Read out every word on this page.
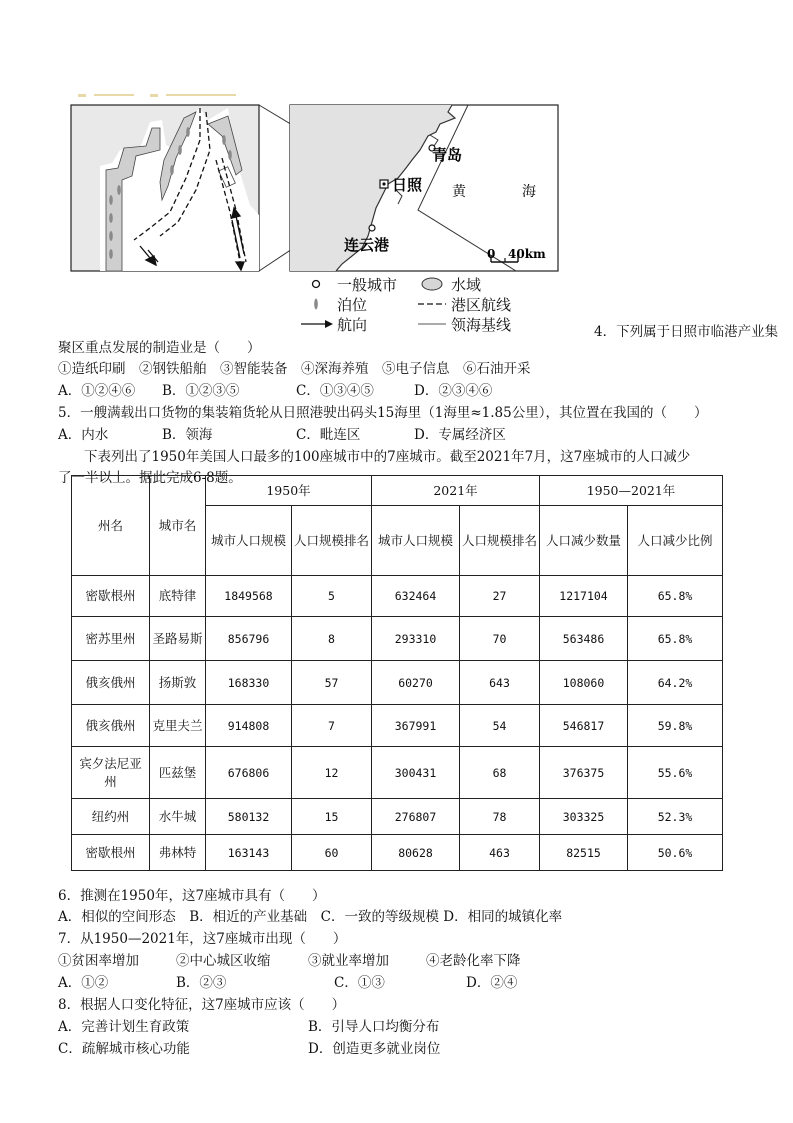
青岛
日照
连云港
黄	海
0 40km
一般城市	水域
泊位	港区航线
航向	领海基线	4．下列属于日照市临港产业集
聚区重点发展的制造业是（　　）
①造纸印刷　②钢铁船舶　③智能装备　④深海养殖　⑤电子信息　⑥石油开采
A．①②④⑥ B．①②③⑤	C．①③④⑤	D．②③④⑥
5．一艘满载出口货物的集装箱货轮从日照港驶出码头15海里（1海里≈1.85公里），其位置在我国的（　　）
A．内水	B．领海	C．毗连区	D．专属经济区
下表列出了1950年美国人口最多的100座城市中的7座城市。截至2021年7月，这7座城市的人口减少
了一半以上。据此完成6-8题。
州名	城市名	1950年		2021年		1950—2021年	
		城市人口规模	人口规模排名	城市人口规模	人口规模排名	人口减少数量	人口减少比例
密歇根州	底特律	1849568	5	632464	27	1217104	65.8%
密苏里州	圣路易斯	856796	8	293310	70	563486	65.8%
俄亥俄州	扬斯敦	168330	57	60270	643	108060	64.2%
俄亥俄州	克里夫兰	914808	7	367991	54	546817	59.8%
宾夕法尼亚州	匹兹堡	676806	12	300431	68	376375	55.6%
纽约州	水牛城	580132	15	276807	78	303325	52.3%
密歇根州	弗林特	163143	60	80628	463	82515	50.6%
6．推测在1950年，这7座城市具有（　　）
A．相似的空间形态　B．相近的产业基础　C．一致的等级规模 D．相同的城镇化率
7．从1950—2021年，这7座城市出现（　　）
①贫困率增加	②中心城区收缩	③就业率增加	④老龄化率下降
A．①②	B．②③	C．①③	D．②④
8．根据人口变化特征，这7座城市应该（　　）
A．完善计划生育政策	B．引导人口均衡分布
C．疏解城市核心功能	D．创造更多就业岗位
